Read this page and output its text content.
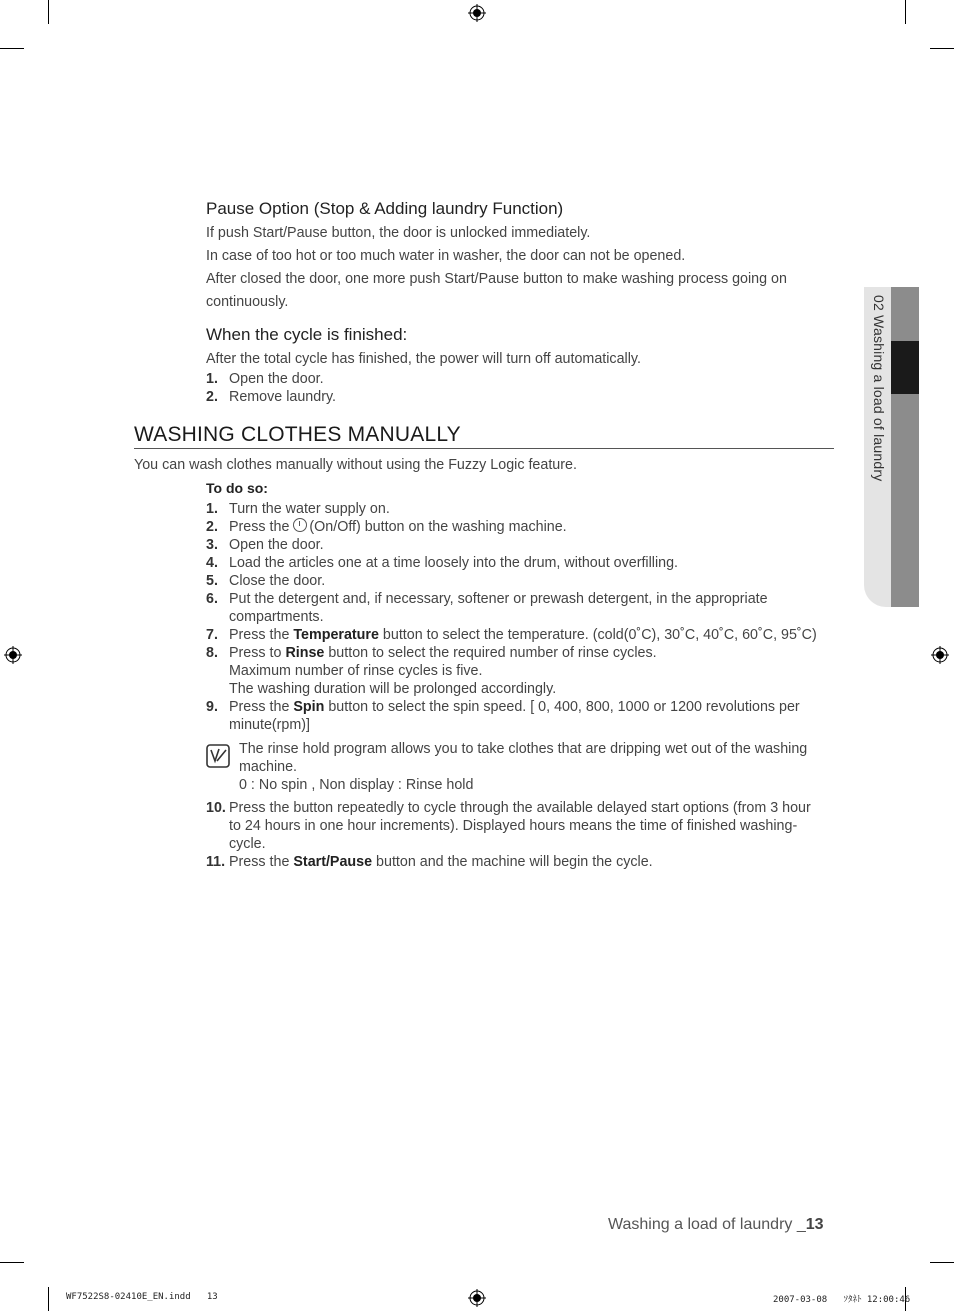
02 Washing a load of laundry
Pause Option (Stop & Adding laundry Function)
If push Start/Pause button, the door is unlocked immediately.
In case of too hot or too much water in washer, the door can not be opened.
After closed the door, one more push Start/Pause button to make washing process going on
continuously.
When the cycle is finished:
After the total cycle has finished, the power will turn off automatically.
1. Open the door.
2. Remove laundry.
WASHING CLOTHES MANUALLY
You can wash clothes manually without using the Fuzzy Logic feature.
To do so:
1. Turn the water supply on.
2. Press the (On/Off) button on the washing machine.
3. Open the door.
4. Load the articles one at a time loosely into the drum, without overfilling.
5. Close the door.
6. Put the detergent and, if necessary, softener or prewash detergent, in the appropriate
compartments.
7. Press the Temperature button to select the temperature. (cold(0˚C), 30˚C, 40˚C, 60˚C, 95˚C)
8. Press to Rinse button to select the required number of rinse cycles.
Maximum number of rinse cycles is five.
The washing duration will be prolonged accordingly.
9. Press the Spin button to select the spin speed. [ 0, 400, 800, 1000 or 1200 revolutions per
minute(rpm)]
The rinse hold program allows you to take clothes that are dripping wet out of the washing
machine.
0 : No spin , Non display : Rinse hold
10. Press the button repeatedly to cycle through the available delayed start options (from 3 hour
to 24 hours in one hour increments). Displayed hours means the time of finished washing-
cycle.
11. Press the Start/Pause button and the machine will begin the cycle.
Washing a load of laundry _13
WF7522S8-02410E_EN.indd   13	2007-03-08   ｿﾀﾈﾄ 12:00:46
